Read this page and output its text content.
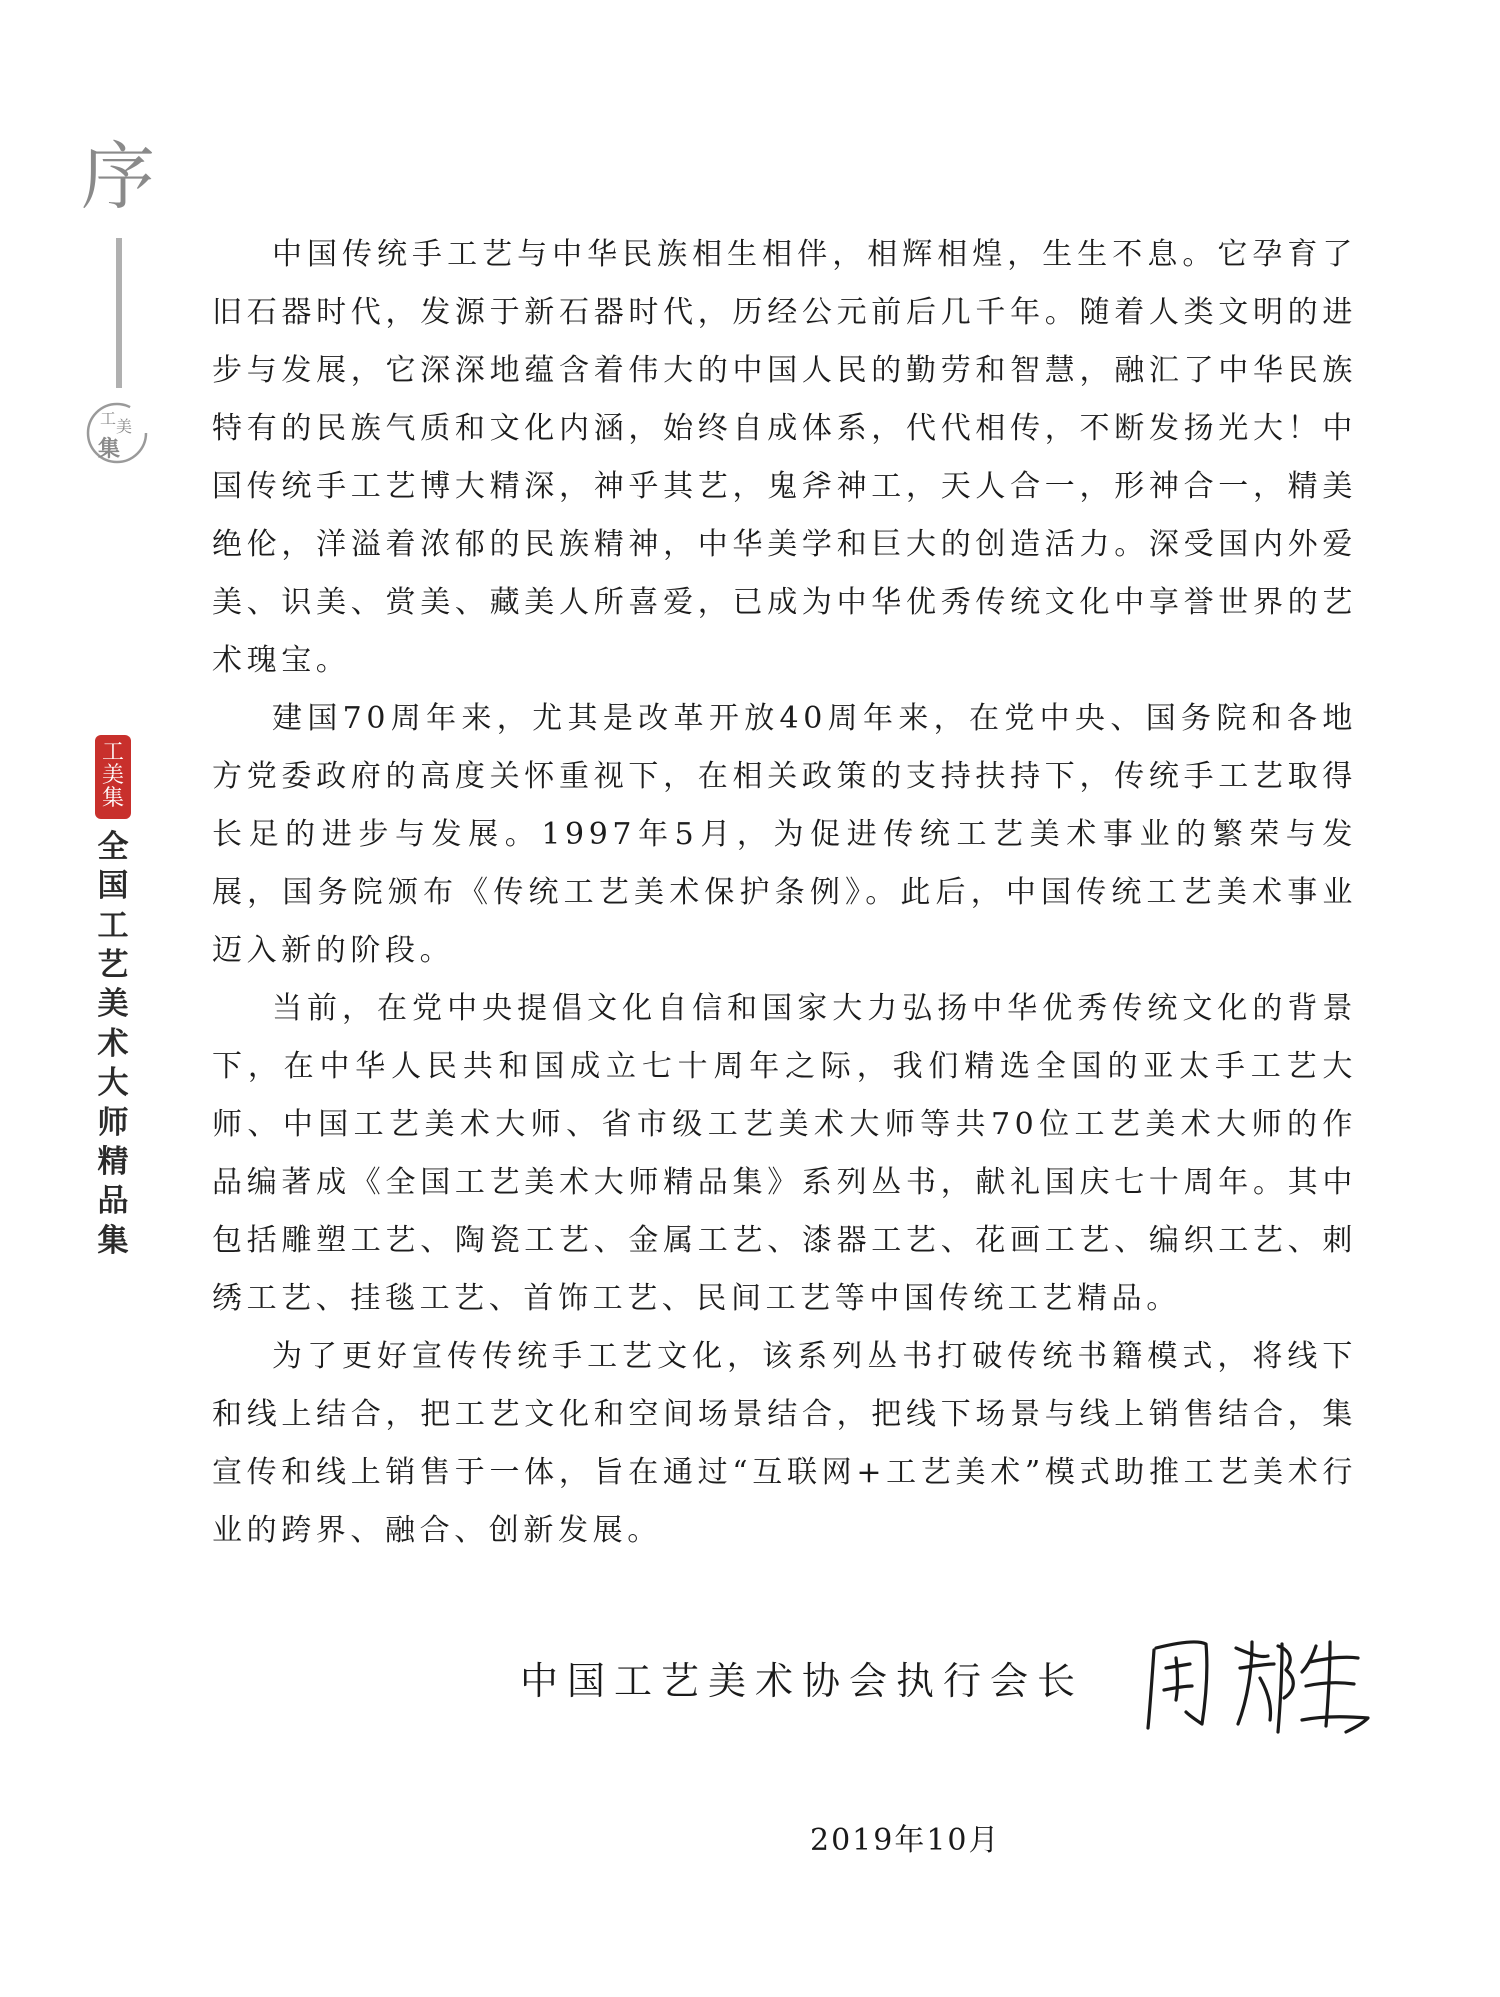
序
工 美
集
工
美
集
全
国
工
艺
美
术
大
师
精
品
集

中国传统手工艺与中华民族相生相伴，相辉相煌，生生不息。它孕育了旧石器时代，发源于新石器时代，历经公元前后几千年。随着人类文明的进步与发展，它深深地蕴含着伟大的中国人民的勤劳和智慧，融汇了中华民族特有的民族气质和文化内涵，始终自成体系，代代相传，不断发扬光大！中国传统手工艺博大精深，神乎其艺，鬼斧神工，天人合一，形神合一，精美绝伦，洋溢着浓郁的民族精神，中华美学和巨大的创造活力。深受国内外爱美、识美、赏美、藏美人所喜爱，已成为中华优秀传统文化中享誉世界的艺术瑰宝。

建国70周年来，尤其是改革开放40周年来，在党中央、国务院和各地方党委政府的高度关怀重视下，在相关政策的支持扶持下，传统手工艺取得长足的进步与发展。1997年5月，为促进传统工艺美术事业的繁荣与发展，国务院颁布《传统工艺美术保护条例》。此后，中国传统工艺美术事业迈入新的阶段。

当前，在党中央提倡文化自信和国家大力弘扬中华优秀传统文化的背景下，在中华人民共和国成立七十周年之际，我们精选全国的亚太手工艺大师、中国工艺美术大师、省市级工艺美术大师等共70位工艺美术大师的作品编著成《全国工艺美术大师精品集》系列丛书，献礼国庆七十周年。其中包括雕塑工艺、陶瓷工艺、金属工艺、漆器工艺、花画工艺、编织工艺、刺绣工艺、挂毯工艺、首饰工艺、民间工艺等中国传统工艺精品。

为了更好宣传传统手工艺文化，该系列丛书打破传统书籍模式，将线下和线上结合，把工艺文化和空间场景结合，把线下场景与线上销售结合，集宣传和线上销售于一体，旨在通过“互联网+工艺美术”模式助推工艺美术行业的跨界、融合、创新发展。

中国工艺美术协会执行会长
2019年10月
